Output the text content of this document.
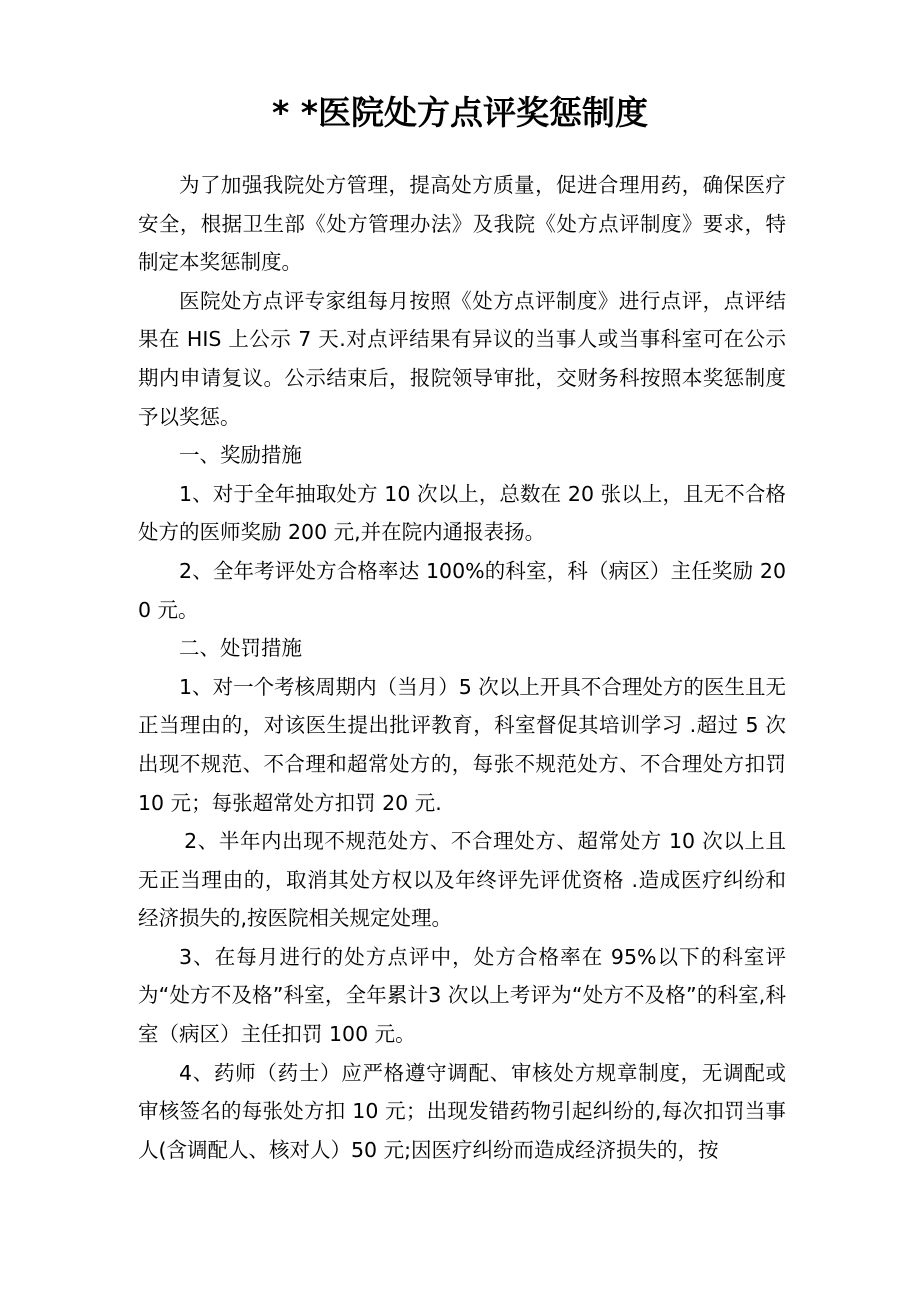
* *医院处方点评奖惩制度

为了加强我院处方管理，提高处方质量，促进合理用药，确保医疗安全，根据卫生部《处方管理办法》及我院《处方点评制度》要求，特制定本奖惩制度。

医院处方点评专家组每月按照《处方点评制度》进行点评，点评结果在 HIS 上公示 7 天.对点评结果有异议的当事人或当事科室可在公示期内申请复议。公示结束后，报院领导审批，交财务科按照本奖惩制度予以奖惩。

一、奖励措施

1、对于全年抽取处方 10 次以上，总数在 20 张以上，且无不合格处方的医师奖励 200 元,并在院内通报表扬。

2、全年考评处方合格率达 100%的科室，科（病区）主任奖励 200 元。

二、处罚措施

1、对一个考核周期内（当月）5 次以上开具不合理处方的医生且无正当理由的，对该医生提出批评教育，科室督促其培训学习 .超过 5 次出现不规范、不合理和超常处方的，每张不规范处方、不合理处方扣罚 10 元；每张超常处方扣罚 20 元.

2、半年内出现不规范处方、不合理处方、超常处方 10 次以上且无正当理由的，取消其处方权以及年终评先评优资格 .造成医疗纠纷和经济损失的,按医院相关规定处理。

3、在每月进行的处方点评中，处方合格率在 95%以下的科室评为“处方不及格”科室，全年累计3 次以上考评为“处方不及格”的科室,科室（病区）主任扣罚 100 元。

4、药师（药士）应严格遵守调配、审核处方规章制度，无调配或审核签名的每张处方扣 10 元；出现发错药物引起纠纷的,每次扣罚当事人(含调配人、核对人）50 元;因医疗纠纷而造成经济损失的，按
